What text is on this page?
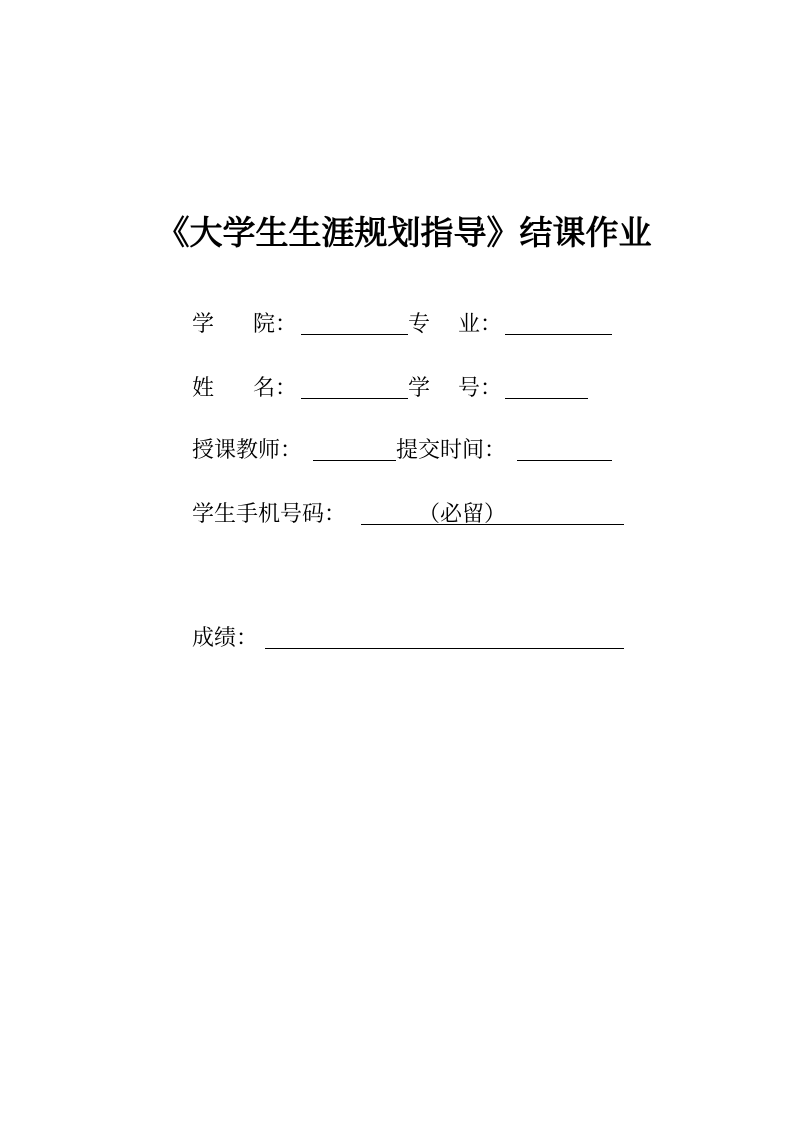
《大学生生涯规划指导》结课作业
学 院：	专 业：
姓 名：	学 号：
授课教师：	提交时间：
学生手机号码：	（必留）
成绩：
